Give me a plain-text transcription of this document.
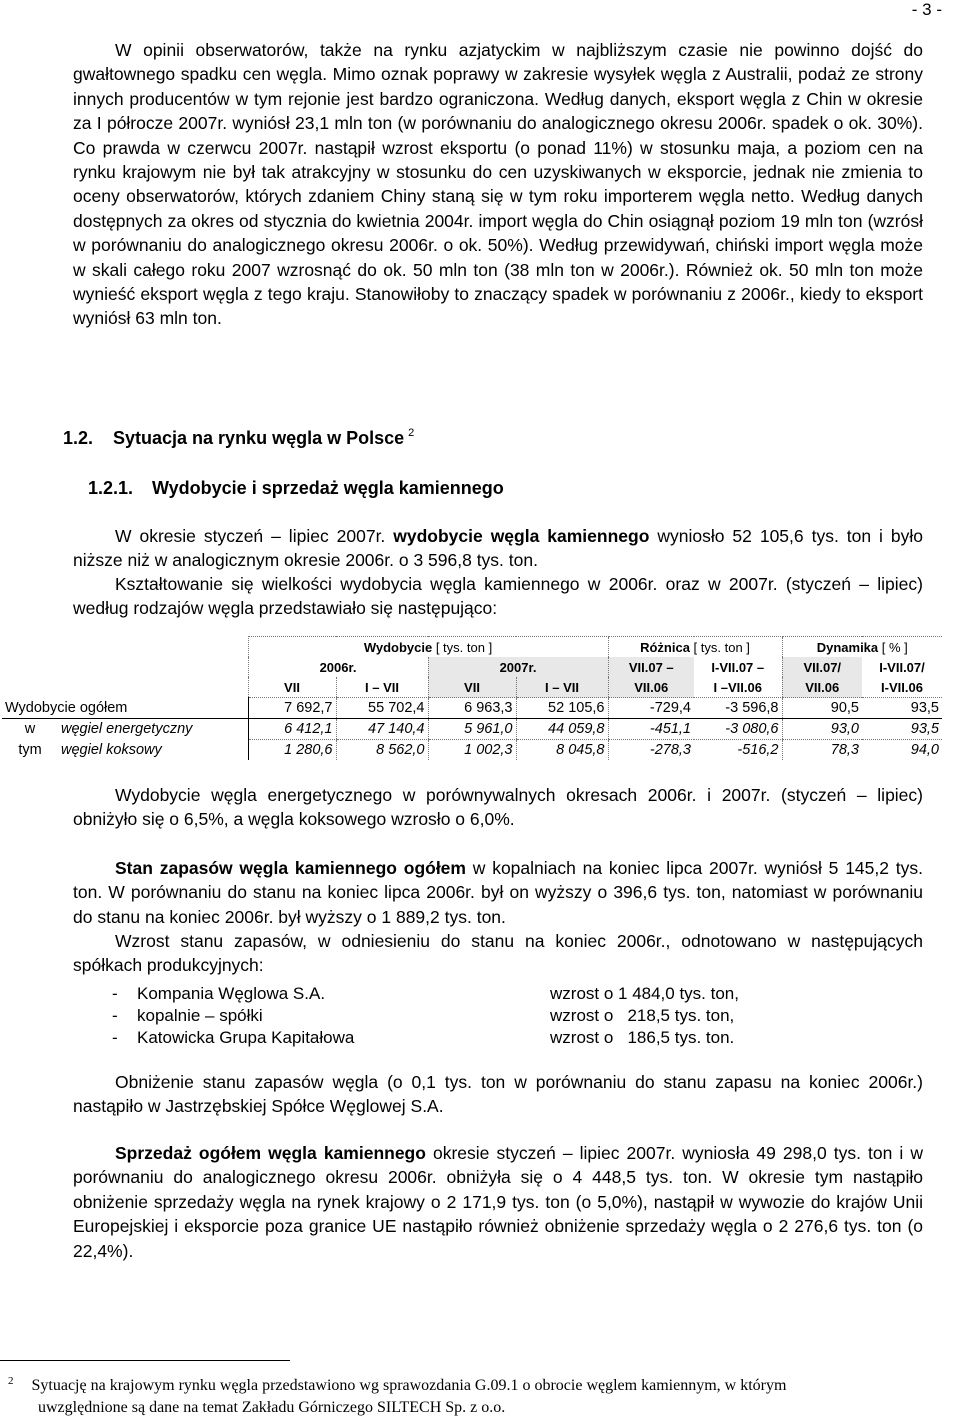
- 3 -

W opinii obserwatorów, także na rynku azjatyckim w najbliższym czasie nie powinno dojść do gwałtownego spadku cen węgla. Mimo oznak poprawy w zakresie wysyłek węgla z Australii, podaż ze strony innych producentów w tym rejonie jest bardzo ograniczona. Według danych, eksport węgla z Chin w okresie za I półrocze 2007r. wyniósł 23,1 mln ton (w porównaniu do analogicznego okresu 2006r. spadek o ok. 30%). Co prawda w czerwcu 2007r. nastąpił wzrost eksportu (o ponad 11%) w stosunku maja, a poziom cen na rynku krajowym nie był tak atrakcyjny w stosunku do cen uzyskiwanych w eksporcie, jednak nie zmienia to oceny obserwatorów, których zdaniem Chiny staną się w tym roku importerem węgla netto. Według danych dostępnych za okres od stycznia do kwietnia 2004r. import węgla do Chin osiągnął poziom 19 mln ton (wzrósł w porównaniu do analogicznego okresu 2006r. o ok. 50%). Według przewidywań, chiński import węgla może w skali całego roku 2007 wzrosnąć do ok. 50 mln ton (38 mln ton w 2006r.). Również ok. 50 mln ton może wynieść eksport węgla z tego kraju. Stanowiłoby to znaczący spadek w porównaniu z 2006r., kiedy to eksport wyniósł 63 mln ton.

1.2. Sytuacja na rynku węgla w Polsce $^2$
1.2.1. Wydobycie i sprzedaż węgla kamiennego

W okresie styczeń – lipiec 2007r. wydobycie węgla kamiennego wyniosło 52 105,6 tys. ton i było niższe niż w analogicznym okresie 2006r. o 3 596,8 tys. ton.

Kształtowanie się wielkości wydobycia węgla kamiennego w 2006r. oraz w 2007r. (styczeń – lipiec) według rodzajów węgla przedstawiało się następująco:

		Wydobycie [ tys. ton ]				Różnica [ tys. ton ]		Dynamika [ % ]	
		2006r.		2007r.		VII.07 –	I-VII.07 –	VII.07/	I-VII.07/
		VII	I – VII	VII	I – VII	VII.06	I –VII.06	VII.06	I-VII.06
Wydobycie ogółem		7 692,7	55 702,4	6 963,3	52 105,6	-729,4	-3 596,8	90,5	93,5
w	węgiel energetyczny	6 412,1	47 140,4	5 961,0	44 059,8	-451,1	-3 080,6	93,0	93,5
tym	węgiel koksowy	1 280,6	8 562,0	1 002,3	8 045,8	-278,3	-516,2	78,3	94,0

Wydobycie węgla energetycznego w porównywalnych okresach 2006r. i 2007r. (styczeń – lipiec) obniżyło się o 6,5%, a węgla koksowego wzrosło o 6,0%.

Stan zapasów węgla kamiennego ogółem w kopalniach na koniec lipca 2007r. wyniósł 5 145,2 tys. ton. W porównaniu do stanu na koniec lipca 2006r. był on wyższy o 396,6 tys. ton, natomiast w porównaniu do stanu na koniec 2006r. był wyższy o 1 889,2 tys. ton.

Wzrost stanu zapasów, w odniesieniu do stanu na koniec 2006r., odnotowano w następujących spółkach produkcyjnych:

-	Kompania Węglowa S.A.	wzrost o 1 484,0 tys. ton,
-	kopalnie – spółki	wzrost o   218,5 tys. ton,
-	Katowicka Grupa Kapitałowa	wzrost o   186,5 tys. ton.

Obniżenie stanu zapasów węgla (o 0,1 tys. ton w porównaniu do stanu zapasu na koniec 2006r.) nastąpiło w Jastrzębskiej Spółce Węglowej S.A.

Sprzedaż ogółem węgla kamiennego okresie styczeń – lipiec 2007r. wyniosła 49 298,0 tys. ton i w porównaniu do analogicznego okresu 2006r. obniżyła się o 4 448,5 tys. ton. W okresie tym nastąpiło obniżenie sprzedaży węgla na rynek krajowy o 2 171,9 tys. ton (o 5,0%), nastąpił w wywozie do krajów Unii Europejskiej i eksporcie poza granice UE nastąpiło również obniżenie sprzedaży węgla o 2 276,6 tys. ton (o 22,4%).

$^2$ Sytuację na krajowym rynku węgla przedstawiono wg sprawozdania G.09.1 o obrocie węglem kamiennym, w którym
uwzględnione są dane na temat Zakładu Górniczego SILTECH Sp. z o.o.
